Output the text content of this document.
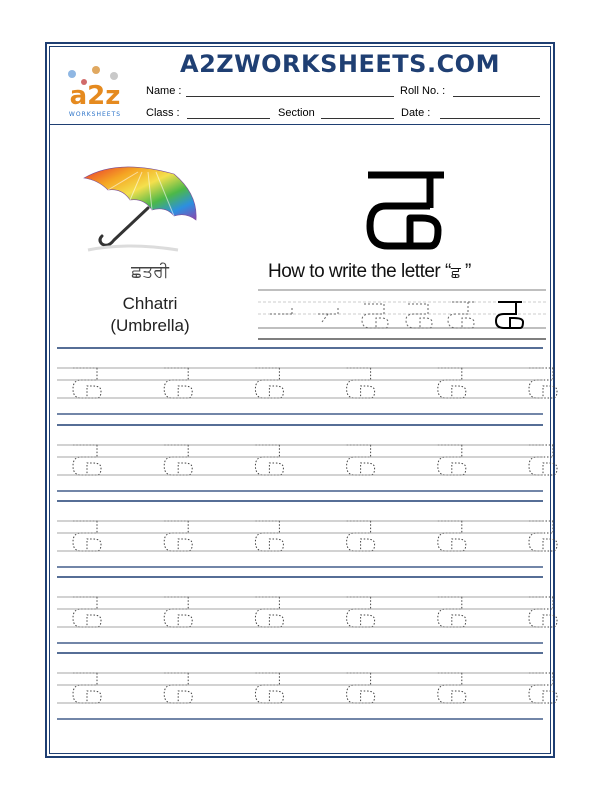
a2z
WORKSHEETS
A2ZWORKSHEETS.COM
Name :	Roll No. :
Class :	Section	Date :
ਛਤਰੀ
Chhatri
(Umbrella)
How to write the letter “ਛ ”
